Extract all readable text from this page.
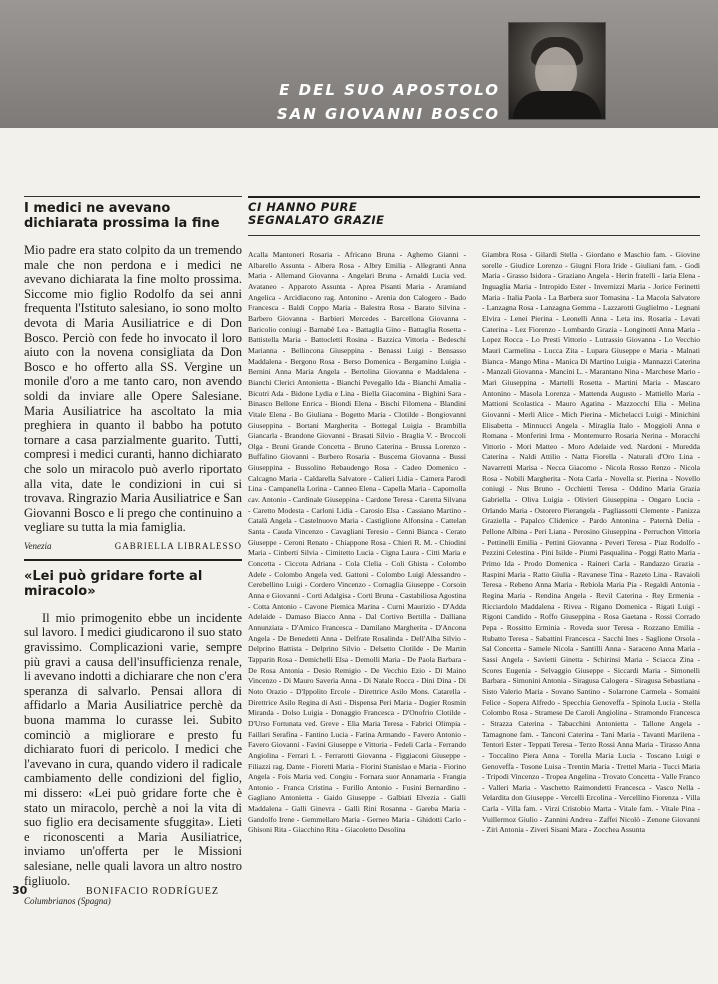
E DEL SUO APOSTOLO
SAN GIOVANNI BOSCO
I medici ne avevano dichiarata prossima la fine
Mio padre era stato colpito da un tremendo male che non perdona e i medici ne avevano dichiarata la fine molto prossima. Siccome mio figlio Rodolfo da sei anni frequenta l'Istituto salesiano, io sono molto devota di Maria Ausiliatrice e di Don Bosco. Perciò con fede ho invocato il loro aiuto con la novena consigliata da Don Bosco e ho offerto alla SS. Vergine un monile d'oro a me tanto caro, non avendo soldi da inviare alle Opere Salesiane. Maria Ausiliatrice ha ascoltato la mia preghiera in quanto il babbo ha potuto tornare a casa parzialmente guarito. Tutti, compresi i medici curanti, hanno dichiarato che solo un miracolo può averlo riportato alla vita, date le condizioni in cui si trovava. Ringrazio Maria Ausiliatrice e San Giovanni Bosco e li prego che continuino a vegliare su tutta la mia famiglia.
Venezia	GABRIELLA LIBRALESSO
«Lei può gridare forte al miracolo»
Il mio primogenito ebbe un incidente sul lavoro. I medici giudicarono il suo stato gravissimo. Complicazioni varie, sempre più gravi a causa dell'insufficienza renale, li avevano indotti a dichiarare che non c'era speranza di salvarlo. Pensai allora di affidarlo a Maria Ausiliatrice perchè da buona mamma lo curasse lei. Subito cominciò a migliorare e presto fu dichiarato fuori di pericolo. I medici che l'avevano in cura, quando videro il radicale cambiamento delle condizioni del figlio, mi dissero: «Lei può gridare forte che è stato un miracolo, perchè a noi la vita di suo figlio era decisamente sfuggita». Lieti e riconoscenti a Maria Ausiliatrice, inviamo un'offerta per le Missioni salesiane, nelle quali lavora un altro nostro figliuolo.
Columbrianos (Spagna)
30	BONIFACIO RODRÍGUEZ
CI HANNO PURE
SEGNALATO GRAZIE
Acalla Mantoneri Rosaria - Africano Bruna - Aghemo Gianni - Albarello Assunta - Albera Rosa - Albry Emilia - Allegranti Anna Maria - Allemand Giovanna - Angelari Bruna - Arnaldi Lucia ved. Avataneo - Apparoto Assunta - Aprea Pisanti Maria - Aramiand Angelica - Arcidiacono rag. Antonino - Arenia don Calogero - Bado Francesca - Baldi Coppo Maria - Balestra Rosa - Barato Silvina - Barbero Giovanna - Barbieri Mercedes - Barcellona Giovanna - Baricolio coniugi - Barnabè Lea - Battaglia Gino - Battaglia Rosetta - Battistella Maria - Battocletti Rosina - Bazzica Vittoria - Bedeschi Marianna - Bellincona Giuseppina - Benassi Luigi - Bensasso Maddalena - Bergono Rosa - Berso Domenica - Bergamino Luigia - Bernini Anna Maria Angela - Bertolina Giovanna e Maddalena - Bianchi Clerici Antonietta - Bianchi Pevegallo Ida - Bianchi Amalia - Bicutri Ada - Bidone Lydia e Lina - Biella Giacomina - Bighini Sara - Binasco Bellone Enrica - Biondi Elena - Bischi Filomena - Blandini Vitale Elena - Bo Giuliana - Bogetto Maria - Clotilde - Bongiovanni Giuseppina - Bortani Margherita - Bottegal Luigia - Brambilla Giancarla - Brandone Giovanni - Brasati Silvio - Braglia V. - Broccoli Olga - Bruni Grande Concetta - Bruno Caterina - Brussa Lorenzo - Buffalino Giovanni - Burbero Rosaria - Buscema Giovanna - Bussi Giuseppina - Bussolino Rebaudengo Rosa - Cadeo Domenico - Calcagno Maria - Caldarella Salvatore - Calieri Lidia - Camera Parodi Lina - Campanella Lorina - Canneo Elena - Capella Maria - Capomolla cav. Antonio - Cardinale Giuseppina - Cardone Teresa - Caretta Silvana - Caretto Modesta - Carloni Lidia - Carosio Elsa - Cassiano Martino - Català Angela - Castelnuovo Maria - Castiglione Alfonsina - Cattelan Santa - Cauda Vincenzo - Cavagliani Teresio - Cenni Bianca - Cerato Giuseppe - Ceroni Renato - Chiappone Rosa - Chieri R. M. - Chiodini Maria - Cinberti Silvia - Cimitetto Lucia - Cigna Laura - Citti Maria e Concetta - Ciccota Adriana - Cola Clelia - Coli Ghista - Colombo Adele - Colombo Angela ved. Gattoni - Colombo Luigi Alessandro - Cerebellino Luigi - Cordero Vincenzo - Cornaglia Giuseppe - Corsoin Anna e Giovanni - Corti Adalgisa - Corti Bruna - Castabiliosa Agostina - Cotta Antonio - Cavone Piemica Marina - Curni Maurizio - D'Adda Adelaide - Damaso Biacco Anna - Dal Cortivo Bertilla - Dalliana Annunziata - D'Amico Francesca - Damilano Margherita - D'Ancona Angela - De Benedetti Anna - Delfrate Rosalinda - Dell'Alba Silvio - Delprino Battista - Delprino Silvio - Delsetto Clotilde - De Martin Tapparin Rosa - Demichelli Elsa - Demolli Maria - De Paola Barbara - De Rosa Antonia - Desio Remigio - De Vecchio Ezio - Di Maino Vincenzo - Di Mauro Saveria Anna - Di Natale Rocca - Dini Dina - Di Noto Orazio - D'Ippolito Ercole - Direttrice Asilo Mons. Catarella - Direttrice Asilo Regina di Asti - Dispensa Peri Maria - Dogier Rosmin Miranda - Dolso Luigia - Donaggio Francesca - D'Onofrio Clotilde - D'Urso Fortunata ved. Greve - Elia Maria Teresa - Fabrici Olimpia - Faillari Serafina - Fantino Lucia - Farina Armando - Favero Antonio - Favero Giovanni - Favini Giuseppe e Vittoria - Fedeli Carla - Ferrando Angiolina - Ferrari I. - Ferrarotti Giovanna - Figgiaconi Giuseppe - Filiazzi rag. Dante - Fioretti Maria - Fiorini Stanislao e Maria - Fiorino Angela - Fois Maria ved. Congiu - Fornara suor Annamaria - Frangia Antonio - Franca Cristina - Furillo Antonio - Fusini Bernardino - Gagliano Antonietta - Gaido Giuseppe - Galbiati Elvezia - Galli Maddalena - Galli Ginevra - Galli Rini Rosanna - Gareba Maria - Gandolfo Irene - Gemmellaro Maria - Gerneo Maria - Ghidotti Carlo - Ghisoni Rita - Giacchino Rita - Giacoletto Desolina
Giambra Rosa - Gilardi Stella - Giordano e Maschio fam. - Giovine sorelle - Giudice Lorenzo - Giugni Flora Iride - Giuliani fam. - Godi Maria - Grasso Isidora - Graziano Angela - Herin fratelli - Iaria Elena - Inguaglia Maria - Intropido Ester - Invernizzi Maria - Jorice Ferinetti Maria - Italia Paola - La Barbera suor Tomasina - La Macola Salvatore - Lanzagna Rosa - Lanzagna Gemma - Lazzarotti Guglielmo - Legnani Elvira - Lenei Pierina - Leonelli Anna - Leta ins. Rosaria - Levati Caterina - Lez Fiorenzo - Lombardo Grazia - Longinotti Anna Maria - Lopez Rocca - Lo Presti Vittorio - Lutrassio Giovanna - Lo Vecchio Mauri Carmelina - Lucca Zita - Lupara Giuseppe e Maria - Malnati Bianca - Mango Mina - Manica Di Martino Luigia - Mannazzi Caterina - Manzali Giovanna - Mancini L. - Marantano Nina - Marchese Mario - Mari Giuseppina - Martelli Rosetta - Martini Maria - Mascaro Antonino - Masola Lorenza - Mattenda Augusto - Mattiello Maria - Mattioni Scolastica - Mauro Agatina - Mazzocchi Elia - Melina Giovanni - Merli Alice - Mich Pierina - Michelacci Luigi - Minichini Elisabetta - Minnucci Angela - Miraglia Italo - Moggioli Anna e Romana - Monferini Irma - Montemurro Rosaria Nerina - Moracchi Vittorio - Mori Matteo - Moro Adelaide ved. Nardoni - Muredda Caterina - Naldi Attilio - Natta Fiorella - Naturali d'Oro Lina - Navarretti Marisa - Necca Giacomo - Nicola Rosso Renzo - Nicola Rosa - Nobili Margherita - Nota Carla - Novella sr. Pierina - Novello coniugi - Nus Bruno - Occhietti Teresa - Oddino Maria Grazia Gabriella - Oliva Luigia - Olivieri Giuseppina - Ongaro Lucia - Orlando Maria - Ostorero Pierangela - Pagliassotti Clemente - Panizza Graziella - Papalco Clidenice - Pardo Antonina - Paternà Delia - Pellone Albina - Peri Liana - Perosino Giuseppina - Perruchon Vittoria - Pettinelli Emilia - Pettini Giovanna - Peveri Teresa - Piaz Rodolfo - Pezzini Celestina - Pini Isilde - Piumi Pasqualina - Poggi Ratto Maria - Primo Ida - Prodo Domenica - Raineri Carla - Randazzo Grazia - Raspini Maria - Ratto Giulia - Ravanese Tina - Razeto Lina - Ravaioli Teresa - Rebeno Anna Maria - Rebiola Maria Pia - Regaldi Antonia - Regina Maria - Rendina Angela - Revil Caterina - Rey Ermenia - Ricciardolo Maddalena - Rivea - Rigano Domenica - Rigati Luigi - Rigoni Candido - Roffo Giuseppina - Rosa Gaetana - Rossi Corrado Pepa - Rossitto Erminia - Roveda suor Teresa - Rozzano Emilia - Rubatto Teresa - Sabattini Francesca - Sacchi Ines - Saglione Orsola - Sal Concetta - Samele Nicola - Santilli Anna - Saraceno Anna Maria - Sassi Angela - Savietti Ginetta - Schirinsi Maria - Sciacca Zina - Scores Eugenia - Selvaggio Giuseppe - Siccardi Maria - Simonelli Barbara - Simonini Antonia - Siragusa Calogera - Siragusa Sebastiana - Sisto Valerio Maria - Sovano Santino - Solarrone Carmela - Somaini Felice - Sopera Alfredo - Specchia Genoveffa - Spinola Lucia - Stella Colombo Rosa - Stramese De Caroli Angiolina - Stramondo Francesca - Strazza Caterina - Tabacchini Antonietta - Tallone Angela - Tamagnone fam. - Tanconi Caterina - Tani Maria - Tavanti Marilena - Tentori Ester - Teppati Teresa - Terzo Rossi Anna Maria - Tirasso Anna - Toccalino Piera Anna - Torella Maria Lucia - Toscano Luigi e Genoveffa - Tosone Luisa - Trentin Maria - Trettel Maria - Tucci Maria - Tripodi Vincenzo - Tropea Angelina - Trovato Concetta - Valle Franco - Valleri Maria - Vaschetto Raimondetti Francesca - Vasco Nella - Velardita don Giuseppe - Vercelli Ercolina - Vercellino Fiorenza - Villa Carla - Villa fam. - Virzi Cristobio Marta - Vitale fam. - Vitale Pina - Vuillermoz Giulio - Zannini Andrea - Zaffei Nicolò - Zenone Giovanni - Ziri Antonia - Ziveri Sisani Mara - Zocchea Assunta
